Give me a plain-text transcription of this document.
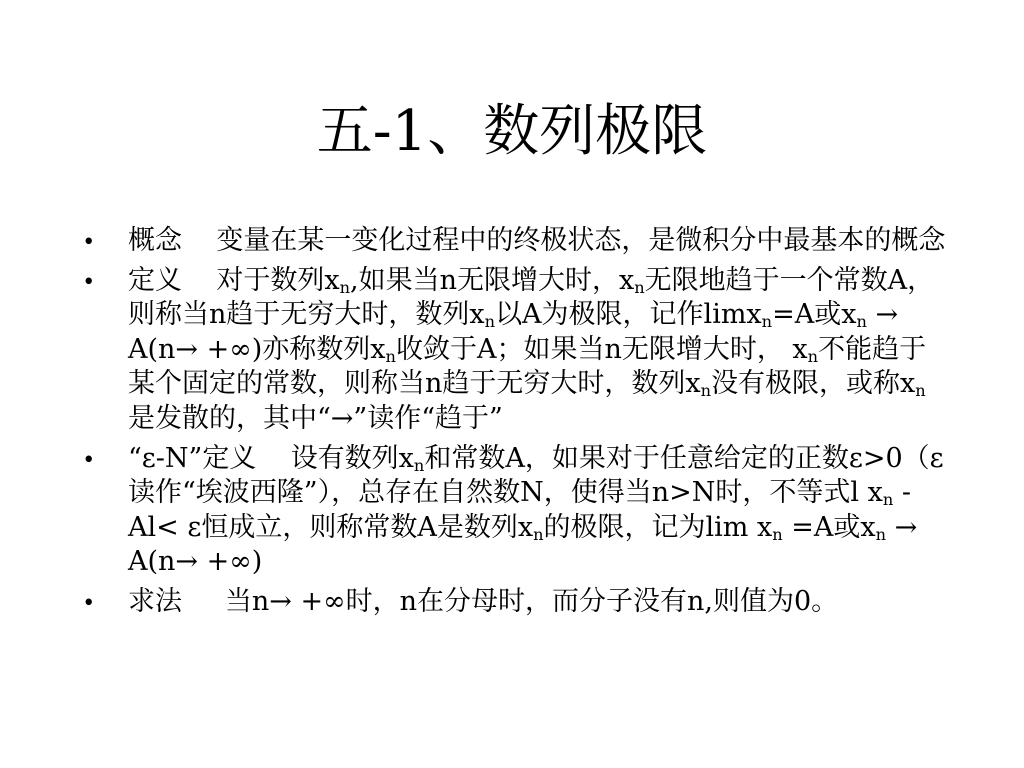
五-1、数列极限
• 概念 变量在某一变化过程中的终极状态，是微积分中最基本的概念
• 定义 对于数列$x_n$,如果当n无限增大时，$x_n$无限地趋于一个常数A，则称当n趋于无穷大时，数列$x_n$以A为极限，记作limx$_n$=A或$x_n \to A(n\to$ +∞)亦称数列$x_n$收敛于A；如果当n无限增大时， $x_n$不能趋于某个固定的常数，则称当n趋于无穷大时，数列$x_n$没有极限，或称$x_n$是发散的，其中“→”读作“趋于”
• “ε-N”定义 设有数列$x_n$和常数A，如果对于任意给定的正数ε>0（ε读作“埃波西隆”），总存在自然数N，使得当n>N时，不等式l $x_n$ -Al< ε恒成立，则称常数A是数列$x_n$的极限，记为$\lim x_n =A$或$x_n \to A(n\to$ +∞)
• 求法 当n→ +∞时，n在分母时，而分子没有n,则值为0。
